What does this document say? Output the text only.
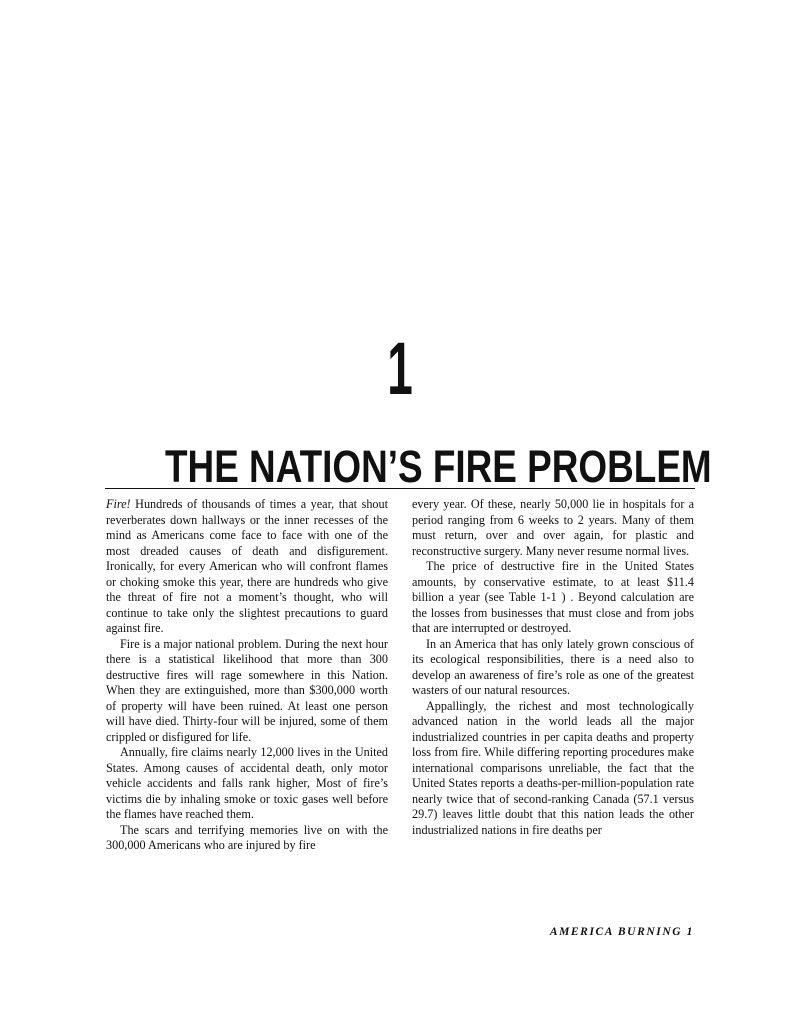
1
THE NATION’S FIRE PROBLEM

Fire! Hundreds of thousands of times a year, that shout reverberates down hallways or the inner recesses of the mind as Americans come face to face with one of the most dreaded causes of death and disfigurement. Ironically, for every American who will confront flames or choking smoke this year, there are hundreds who give the threat of fire not a moment’s thought, who will continue to take only the slightest precautions to guard against fire.

Fire is a major national problem. During the next hour there is a statistical likelihood that more than 300 destructive fires will rage somewhere in this Nation. When they are extinguished, more than $300,000 worth of property will have been ruined. At least one person will have died. Thirty-four will be injured, some of them crippled or disfigured for life.

Annually, fire claims nearly 12,000 lives in the United States. Among causes of accidental death, only motor vehicle accidents and falls rank higher, Most of fire’s victims die by inhaling smoke or toxic gases well before the flames have reached them.

The scars and terrifying memories live on with the 300,000 Americans who are injured by fire

every year. Of these, nearly 50,000 lie in hospitals for a period ranging from 6 weeks to 2 years. Many of them must return, over and over again, for plastic and reconstructive surgery. Many never resume normal lives.

The price of destructive fire in the United States amounts, by conservative estimate, to at least $11.4 billion a year (see Table 1-1 ) . Beyond calculation are the losses from businesses that must close and from jobs that are interrupted or destroyed.

In an America that has only lately grown conscious of its ecological responsibilities, there is a need also to develop an awareness of fire’s role as one of the greatest wasters of our natural resources.

Appallingly, the richest and most technologically advanced nation in the world leads all the major industrialized countries in per capita deaths and property loss from fire. While differing reporting procedures make international comparisons unreliable, the fact that the United States reports a deaths-per-million-population rate nearly twice that of second-ranking Canada (57.1 versus 29.7) leaves little doubt that this nation leads the other industrialized nations in fire deaths per

AMERICA BURNING 1
